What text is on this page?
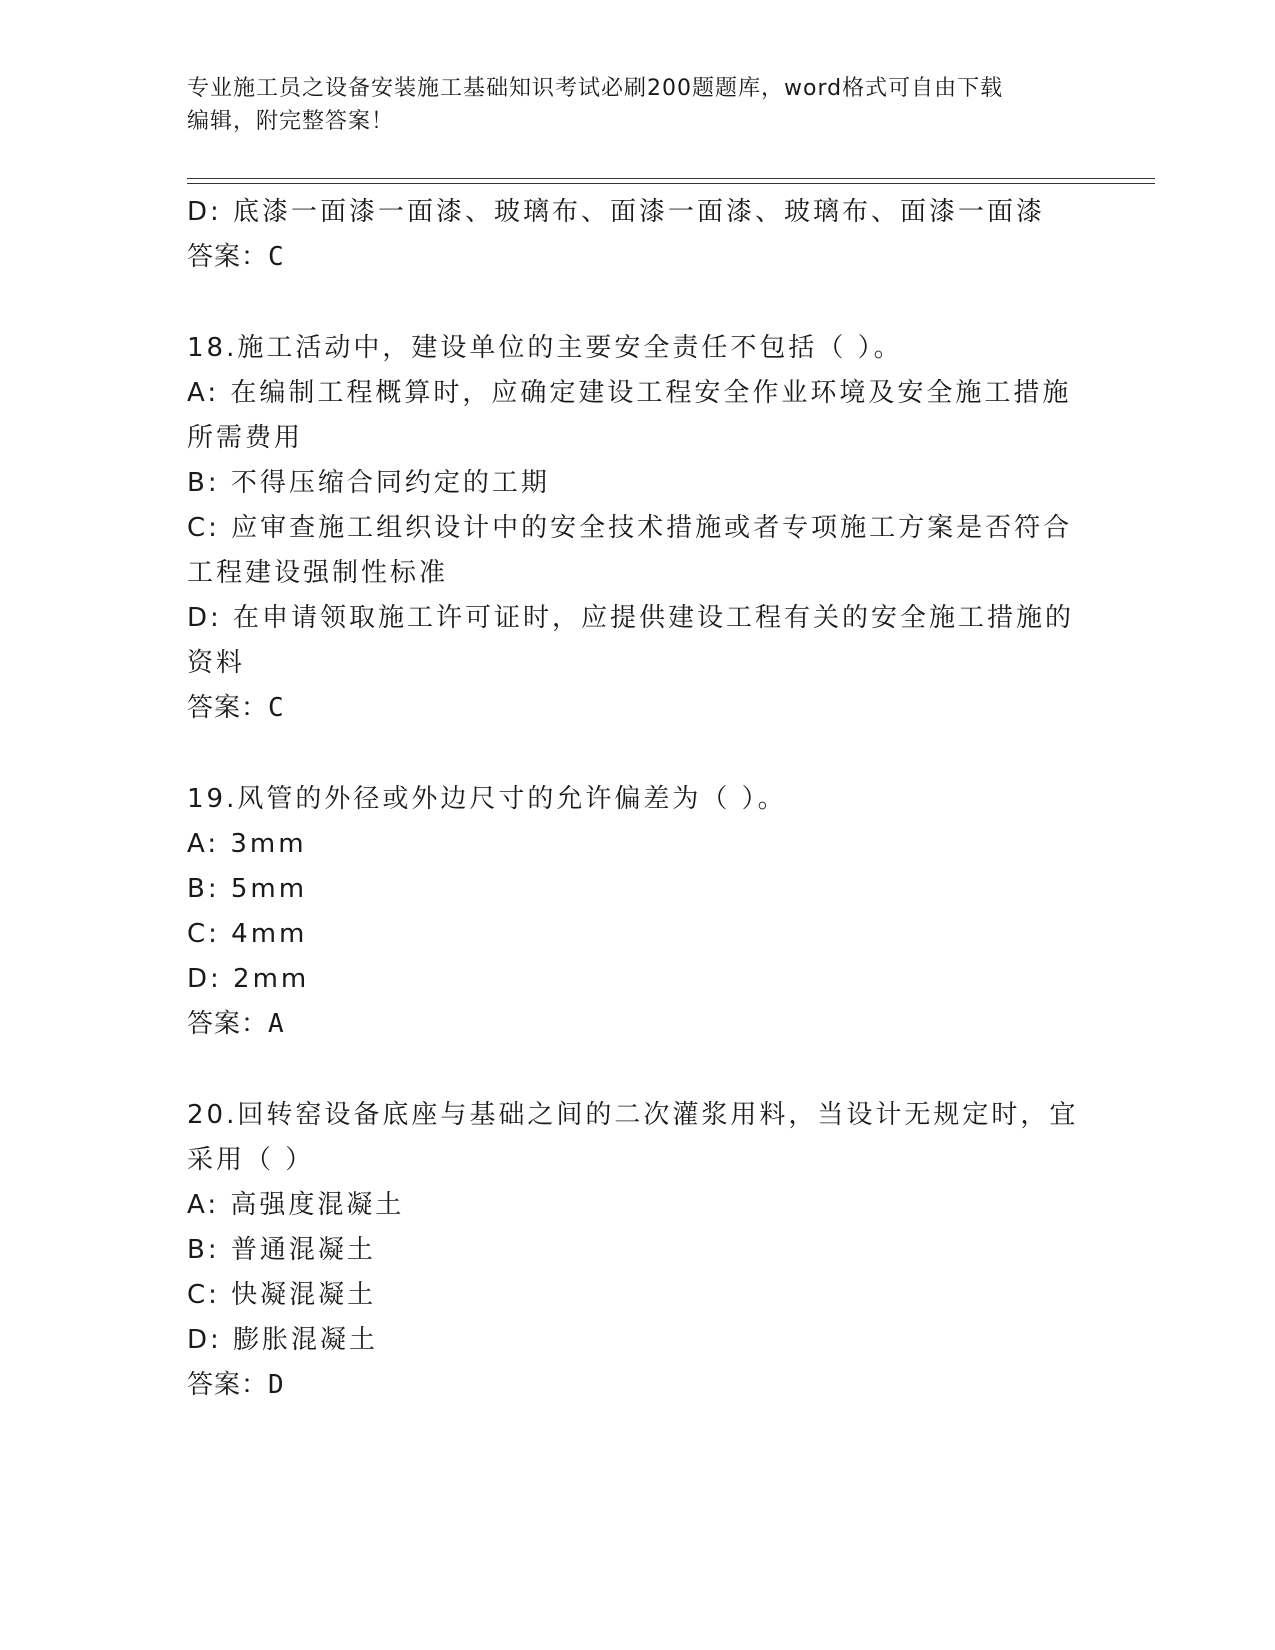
专业施工员之设备安装施工基础知识考试必刷200题题库，word格式可自由下载
编辑，附完整答案！
D: 底漆一面漆一面漆、玻璃布、面漆一面漆、玻璃布、面漆一面漆
答案：C
18.施工活动中，建设单位的主要安全责任不包括（ ）。
A: 在编制工程概算时，应确定建设工程安全作业环境及安全施工措施
所需费用
B: 不得压缩合同约定的工期
C: 应审查施工组织设计中的安全技术措施或者专项施工方案是否符合
工程建设强制性标准
D: 在申请领取施工许可证时，应提供建设工程有关的安全施工措施的
资料
答案：C
19.风管的外径或外边尺寸的允许偏差为（ ）。
A: 3mm
B: 5mm
C: 4mm
D: 2mm
答案：A
20.回转窑设备底座与基础之间的二次灌浆用料，当设计无规定时，宜
采用（ ）
A: 高强度混凝土
B: 普通混凝土
C: 快凝混凝土
D: 膨胀混凝土
答案：D
